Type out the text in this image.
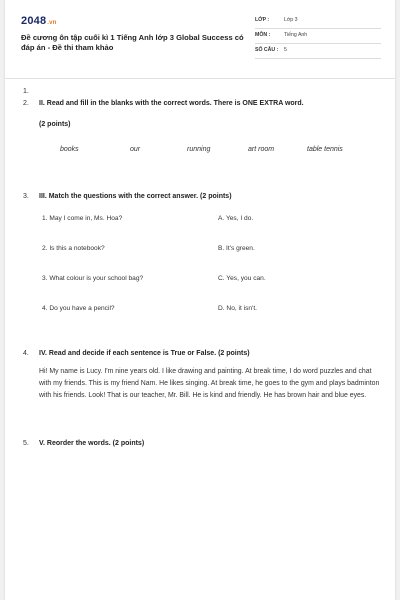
2048.vn
Đề cương ôn tập cuối kì 1 Tiếng Anh lớp 3 Global Success có đáp án - Đề thi tham khảo
LỚP :	Lớp 3
MÔN :	Tiếng Anh
SỐ CÂU : 5
1.
2. II. Read and fill in the blanks with the correct words. There is ONE EXTRA word.
(2 points)
books	our	running	art room	table tennis
3. III. Match the questions with the correct answer. (2 points)
1. May I come in, Ms. Hoa?	A. Yes, I do.
2. Is this a notebook?	B. It's green.
3. What colour is your school bag?	C. Yes, you can.
4. Do you have a pencil?	D. No, it isn't.
4. IV. Read and decide if each sentence is True or False. (2 points)
Hi! My name is Lucy. I'm nine years old. I like drawing and painting. At break time, I do word puzzles and chat with my friends. This is my friend Nam. He likes singing. At break time, he goes to the gym and plays badminton with his friends. Look! That is our teacher, Mr. Bill. He is kind and friendly. He has brown hair and blue eyes.
5. V. Reorder the words. (2 points)
